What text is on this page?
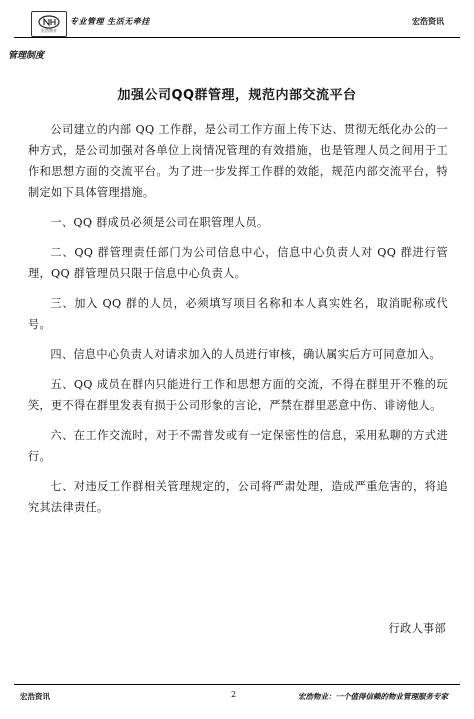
宏浩物业
专业管理 生活无牵挂	宏浩资讯
管理制度
加强公司QQ群管理，规范内部交流平台

公司建立的内部 QQ 工作群，是公司工作方面上传下达、贯彻无纸化办公的一种方式，是公司加强对各单位上岗情况管理的有效措施，也是管理人员之间用于工作和思想方面的交流平台。为了进一步发挥工作群的效能，规范内部交流平台，特制定如下具体管理措施。

一、QQ 群成员必须是公司在职管理人员。

二、QQ 群管理责任部门为公司信息中心，信息中心负责人对 QQ 群进行管理，QQ 群管理员只限于信息中心负责人。

三、加入 QQ 群的人员，必须填写项目名称和本人真实姓名，取消昵称或代号。

四、信息中心负责人对请求加入的人员进行审核，确认属实后方可同意加入。

五、QQ 成员在群内只能进行工作和思想方面的交流，不得在群里开不雅的玩笑，更不得在群里发表有损于公司形象的言论，严禁在群里恶意中伤、诽谤他人。

六、在工作交流时，对于不需普发或有一定保密性的信息，采用私聊的方式进行。

七、对违反工作群相关管理规定的，公司将严肃处理，造成严重危害的，将追究其法律责任。

行政人事部
宏浩资讯	2	宏浩物业：一个值得信赖的物业管理服务专家
